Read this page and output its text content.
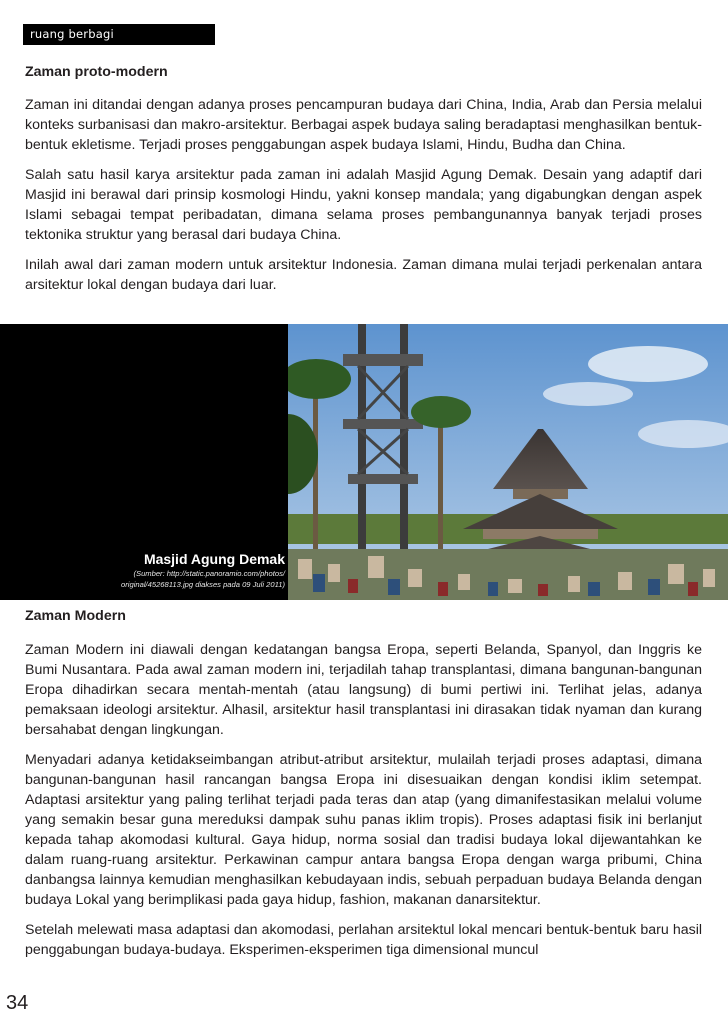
ruang berbagi
Zaman proto-modern

Zaman ini ditandai dengan adanya proses pencampuran budaya dari China, India, Arab dan Persia melalui konteks surbanisasi dan makro-arsitektur. Berbagai aspek budaya saling beradaptasi menghasilkan bentuk-bentuk ekletisme. Terjadi proses penggabungan aspek budaya Islami, Hindu, Budha dan China.

Salah satu hasil karya arsitektur pada zaman ini adalah Masjid Agung Demak. Desain yang adaptif dari Masjid ini berawal dari prinsip kosmologi Hindu, yakni konsep mandala; yang digabungkan dengan aspek Islami sebagai tempat peribadatan, dimana selama proses pembangunannya banyak terjadi proses tektonika struktur yang berasal dari budaya China.

Inilah awal dari zaman modern untuk arsitektur Indonesia. Zaman dimana mulai terjadi perkenalan antara arsitektur lokal dengan budaya dari luar.

Masjid Agung Demak
(Sumber: http://static.panoramio.com/photos/
original/45268113.jpg diakses pada 09 Juli 2011)
Zaman Modern

Zaman Modern ini diawali dengan kedatangan bangsa Eropa, seperti Belanda, Spanyol, dan Inggris ke Bumi Nusantara. Pada awal zaman modern ini, terjadilah tahap transplantasi, dimana bangunan-bangunan Eropa dihadirkan secara mentah-mentah (atau langsung) di bumi pertiwi ini. Terlihat jelas, adanya pemaksaan ideologi arsitektur. Alhasil, arsitektur hasil transplantasi ini dirasakan tidak nyaman dan kurang bersahabat dengan lingkungan.

Menyadari adanya ketidakseimbangan atribut-atribut arsitektur, mulailah terjadi proses adaptasi, dimana bangunan-bangunan hasil rancangan bangsa Eropa ini disesuaikan dengan kondisi iklim setempat. Adaptasi arsitektur yang paling terlihat terjadi pada teras dan atap (yang dimanifestasikan melalui volume yang semakin besar guna mereduksi dampak suhu panas iklim tropis). Proses adaptasi fisik ini berlanjut kepada tahap akomodasi kultural. Gaya hidup, norma sosial dan tradisi budaya lokal dijewantahkan ke dalam ruang-ruang arsitektur. Perkawinan campur antara bangsa Eropa dengan warga pribumi, China danbangsa lainnya kemudian menghasilkan kebudayaan indis, sebuah perpaduan budaya Belanda dengan budaya Lokal yang berimplikasi pada gaya hidup, fashion, makanan danarsitektur.

Setelah melewati masa adaptasi dan akomodasi, perlahan arsitektul lokal mencari bentuk-bentuk baru hasil penggabungan budaya-budaya. Eksperimen-eksperimen tiga dimensional muncul

34
